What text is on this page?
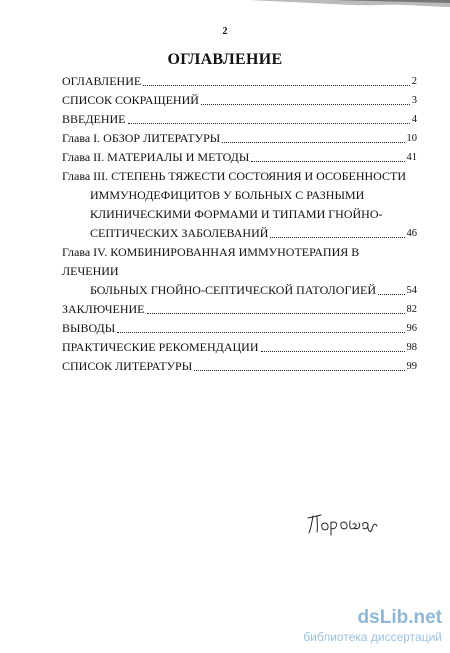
2
ОГЛАВЛЕНИЕ
ОГЛАВЛЕНИЕ	2
СПИСОК СОКРАЩЕНИЙ	3
ВВЕДЕНИЕ	4
Глава I. ОБЗОР ЛИТЕРАТУРЫ	10
Глава II. МАТЕРИАЛЫ И МЕТОДЫ	41
Глава III. СТЕПЕНЬ ТЯЖЕСТИ СОСТОЯНИЯ И ОСОБЕННОСТИ
ИММУНОДЕФИЦИТОВ У БОЛЬНЫХ С РАЗНЫМИ
КЛИНИЧЕСКИМИ ФОРМАМИ И ТИПАМИ ГНОЙНО-
СЕПТИЧЕСКИХ ЗАБОЛЕВАНИЙ	46
Глава IV. КОМБИНИРОВАННАЯ ИММУНОТЕРАПИЯ В ЛЕЧЕНИИ
БОЛЬНЫХ ГНОЙНО-СЕПТИЧЕСКОЙ ПАТОЛОГИЕЙ	54
ЗАКЛЮЧЕНИЕ	82
ВЫВОДЫ	96
ПРАКТИЧЕСКИЕ РЕКОМЕНДАЦИИ	98
СПИСОК ЛИТЕРАТУРЫ	99
dsLib.net
библиотека диссертаций
